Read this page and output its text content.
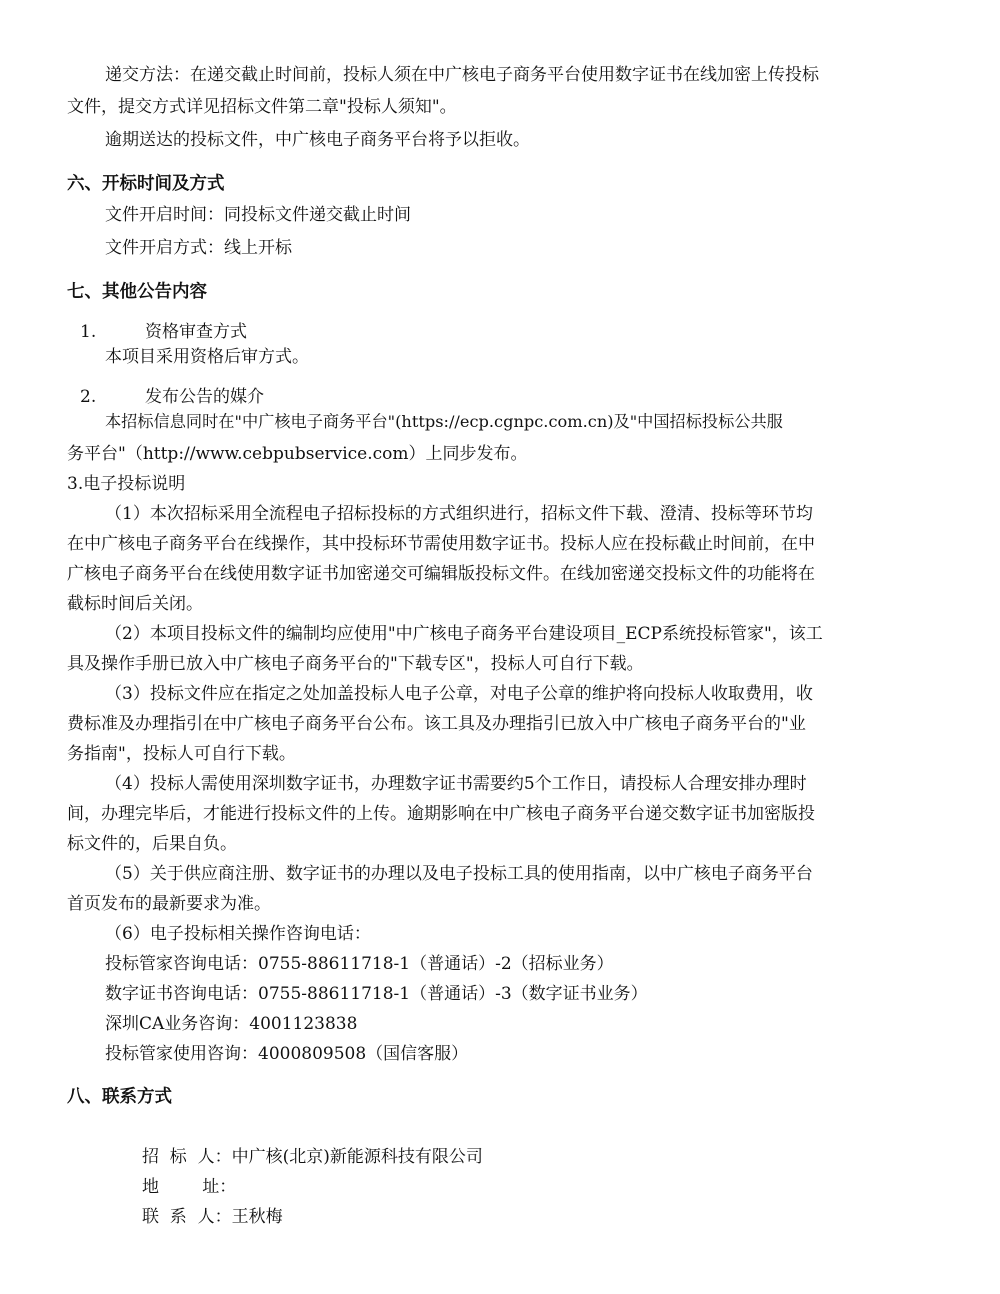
递交方法：在递交截止时间前，投标人须在中广核电子商务平台使用数字证书在线加密上传投标
文件，提交方式详见招标文件第二章"投标人须知"。
逾期送达的投标文件，中广核电子商务平台将予以拒收。
六、开标时间及方式
文件开启时间：同投标文件递交截止时间
文件开启方式：线上开标
七、其他公告内容
1.	资格审查方式
本项目采用资格后审方式。
2.	发布公告的媒介
本招标信息同时在"中广核电子商务平台"(https://ecp.cgnpc.com.cn)及"中国招标投标公共服
务平台"（http://www.cebpubservice.com）上同步发布。
3.电子投标说明
（1）本次招标采用全流程电子招标投标的方式组织进行，招标文件下载、澄清、投标等环节均
在中广核电子商务平台在线操作，其中投标环节需使用数字证书。投标人应在投标截止时间前，在中
广核电子商务平台在线使用数字证书加密递交可编辑版投标文件。在线加密递交投标文件的功能将在
截标时间后关闭。
（2）本项目投标文件的编制均应使用"中广核电子商务平台建设项目_ECP系统投标管家"，该工
具及操作手册已放入中广核电子商务平台的"下载专区"，投标人可自行下载。
（3）投标文件应在指定之处加盖投标人电子公章，对电子公章的维护将向投标人收取费用，收
费标准及办理指引在中广核电子商务平台公布。该工具及办理指引已放入中广核电子商务平台的"业
务指南"，投标人可自行下载。
（4）投标人需使用深圳数字证书，办理数字证书需要约5个工作日，请投标人合理安排办理时
间，办理完毕后，才能进行投标文件的上传。逾期影响在中广核电子商务平台递交数字证书加密版投
标文件的，后果自负。
（5）关于供应商注册、数字证书的办理以及电子投标工具的使用指南，以中广核电子商务平台
首页发布的最新要求为准。
（6）电子投标相关操作咨询电话：
投标管家咨询电话：0755-88611718-1（普通话）-2（招标业务）
数字证书咨询电话：0755-88611718-1（普通话）-3（数字证书业务）
深圳CA业务咨询：4001123838
投标管家使用咨询：4000809508（国信客服）
八、联系方式
招  标  人：中广核(北京)新能源科技有限公司
地        址：
联  系  人：王秋梅
